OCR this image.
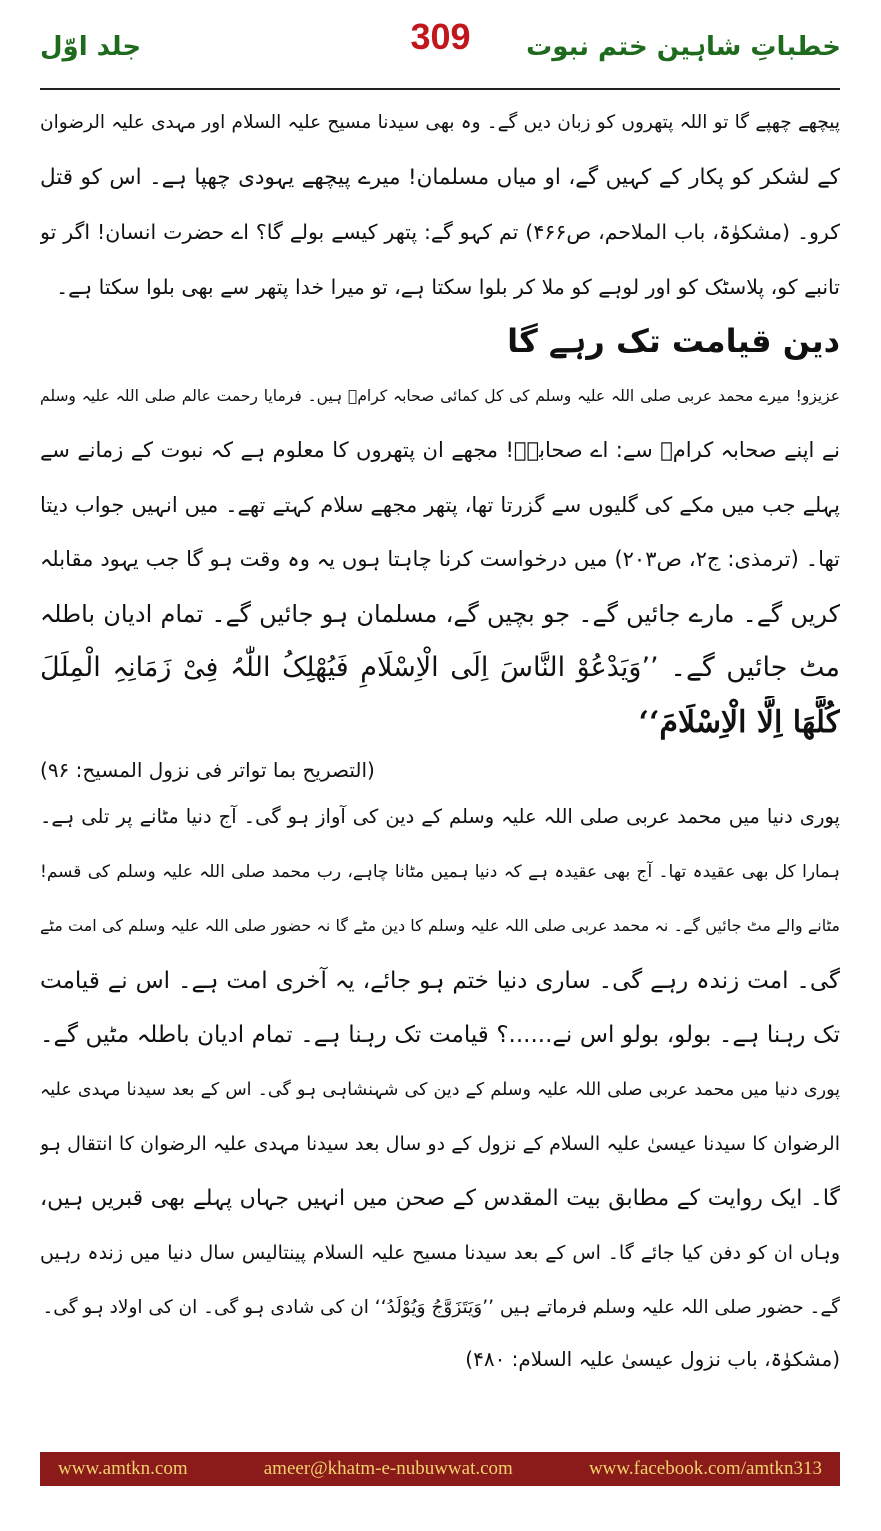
جلد اوّل	309	خطباتِ شاہین ختم نبوت
پیچھے چھپے گا تو اللہ پتھروں کو زبان دیں گے۔ وہ بھی سیدنا مسیح علیہ السلام اور مہدی علیہ الرضوان
کے لشکر کو پکار کے کہیں گے، او میاں مسلمان! میرے پیچھے یہودی چھپا ہے۔ اس کو قتل
کرو۔ (مشکوٰۃ، باب الملاحم، ص۴۶۶) تم کہو گے: پتھر کیسے بولے گا؟ اے حضرت انسان! اگر تو
تانبے کو، پلاسٹک کو اور لوہے کو ملا کر بلوا سکتا ہے، تو میرا خدا پتھر سے بھی بلوا سکتا ہے۔
دین قیامت تک رہے گا
عزیزو! میرے محمد عربی صلی اللہ علیہ وسلم کی کل کمائی صحابہ کرامؓ ہیں۔ فرمایا رحمت عالم صلی اللہ علیہ وسلم
نے اپنے صحابہ کرامؓ سے: اے صحابہؓ! مجھے ان پتھروں کا معلوم ہے کہ نبوت کے زمانے سے
پہلے جب میں مکے کی گلیوں سے گزرتا تھا، پتھر مجھے سلام کہتے تھے۔ میں انہیں جواب دیتا
تھا۔ (ترمذی: ج۲، ص۲۰۳) میں درخواست کرنا چاہتا ہوں یہ وہ وقت ہو گا جب یہود مقابلہ
کریں گے۔ مارے جائیں گے۔ جو بچیں گے، مسلمان ہو جائیں گے۔ تمام ادیان باطلہ
مٹ جائیں گے۔ ’’وَیَدْعُوْ النَّاسَ اِلَی الْاِسْلَامِ فَیُھْلِکُ اللّٰہُ فِیْ زَمَانِہِ الْمِلَلَ
کُلَّھَا اِلَّا الْاِسْلَامَ‘‘
(التصریح بما تواتر فی نزول المسیح: ۹۶)
پوری دنیا میں محمد عربی صلی اللہ علیہ وسلم کے دین کی آواز ہو گی۔ آج دنیا مٹانے پر تلی ہے۔
ہمارا کل بھی عقیدہ تھا۔ آج بھی عقیدہ ہے کہ دنیا ہمیں مٹانا چاہے، رب محمد صلی اللہ علیہ وسلم کی قسم!
مٹانے والے مٹ جائیں گے۔ نہ محمد عربی صلی اللہ علیہ وسلم کا دین مٹے گا نہ حضور صلی اللہ علیہ وسلم کی امت مٹے
گی۔ امت زندہ رہے گی۔ ساری دنیا ختم ہو جائے، یہ آخری امت ہے۔ اس نے قیامت
تک رہنا ہے۔ بولو، بولو اس نے......؟ قیامت تک رہنا ہے۔ تمام ادیان باطلہ مٹیں گے۔
پوری دنیا میں محمد عربی صلی اللہ علیہ وسلم کے دین کی شہنشاہی ہو گی۔ اس کے بعد سیدنا مہدی علیہ
الرضوان کا سیدنا عیسیٰ علیہ السلام کے نزول کے دو سال بعد سیدنا مہدی علیہ الرضوان کا انتقال ہو
گا۔ ایک روایت کے مطابق بیت المقدس کے صحن میں انہیں جہاں پہلے بھی قبریں ہیں،
وہاں ان کو دفن کیا جائے گا۔ اس کے بعد سیدنا مسیح علیہ السلام پینتالیس سال دنیا میں زندہ رہیں
گے۔ حضور صلی اللہ علیہ وسلم فرماتے ہیں ’’وَیَتَزَوَّجُ وَیُوْلَدُ‘‘ ان کی شادی ہو گی۔ ان کی اولاد ہو گی۔
(مشکوٰۃ، باب نزول عیسیٰ علیہ السلام: ۴۸۰)
www.amtkn.com	ameer@khatm-e-nubuwwat.com	www.facebook.com/amtkn313
